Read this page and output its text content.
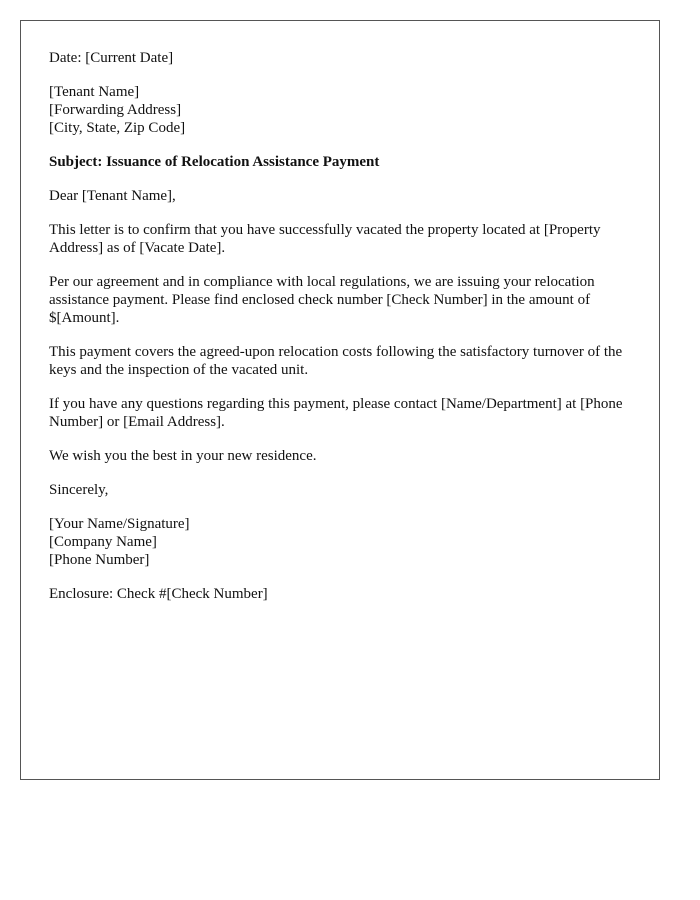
Date: [Current Date]

[Tenant Name]
[Forwarding Address]
[City, State, Zip Code]

Subject: Issuance of Relocation Assistance Payment

Dear [Tenant Name],

This letter is to confirm that you have successfully vacated the property located at [Property Address] as of [Vacate Date].

Per our agreement and in compliance with local regulations, we are issuing your relocation assistance payment. Please find enclosed check number [Check Number] in the amount of $[Amount].

This payment covers the agreed-upon relocation costs following the satisfactory turnover of the keys and the inspection of the vacated unit.

If you have any questions regarding this payment, please contact [Name/Department] at [Phone Number] or [Email Address].

We wish you the best in your new residence.

Sincerely,

[Your Name/Signature]
[Company Name]
[Phone Number]

Enclosure: Check #[Check Number]
